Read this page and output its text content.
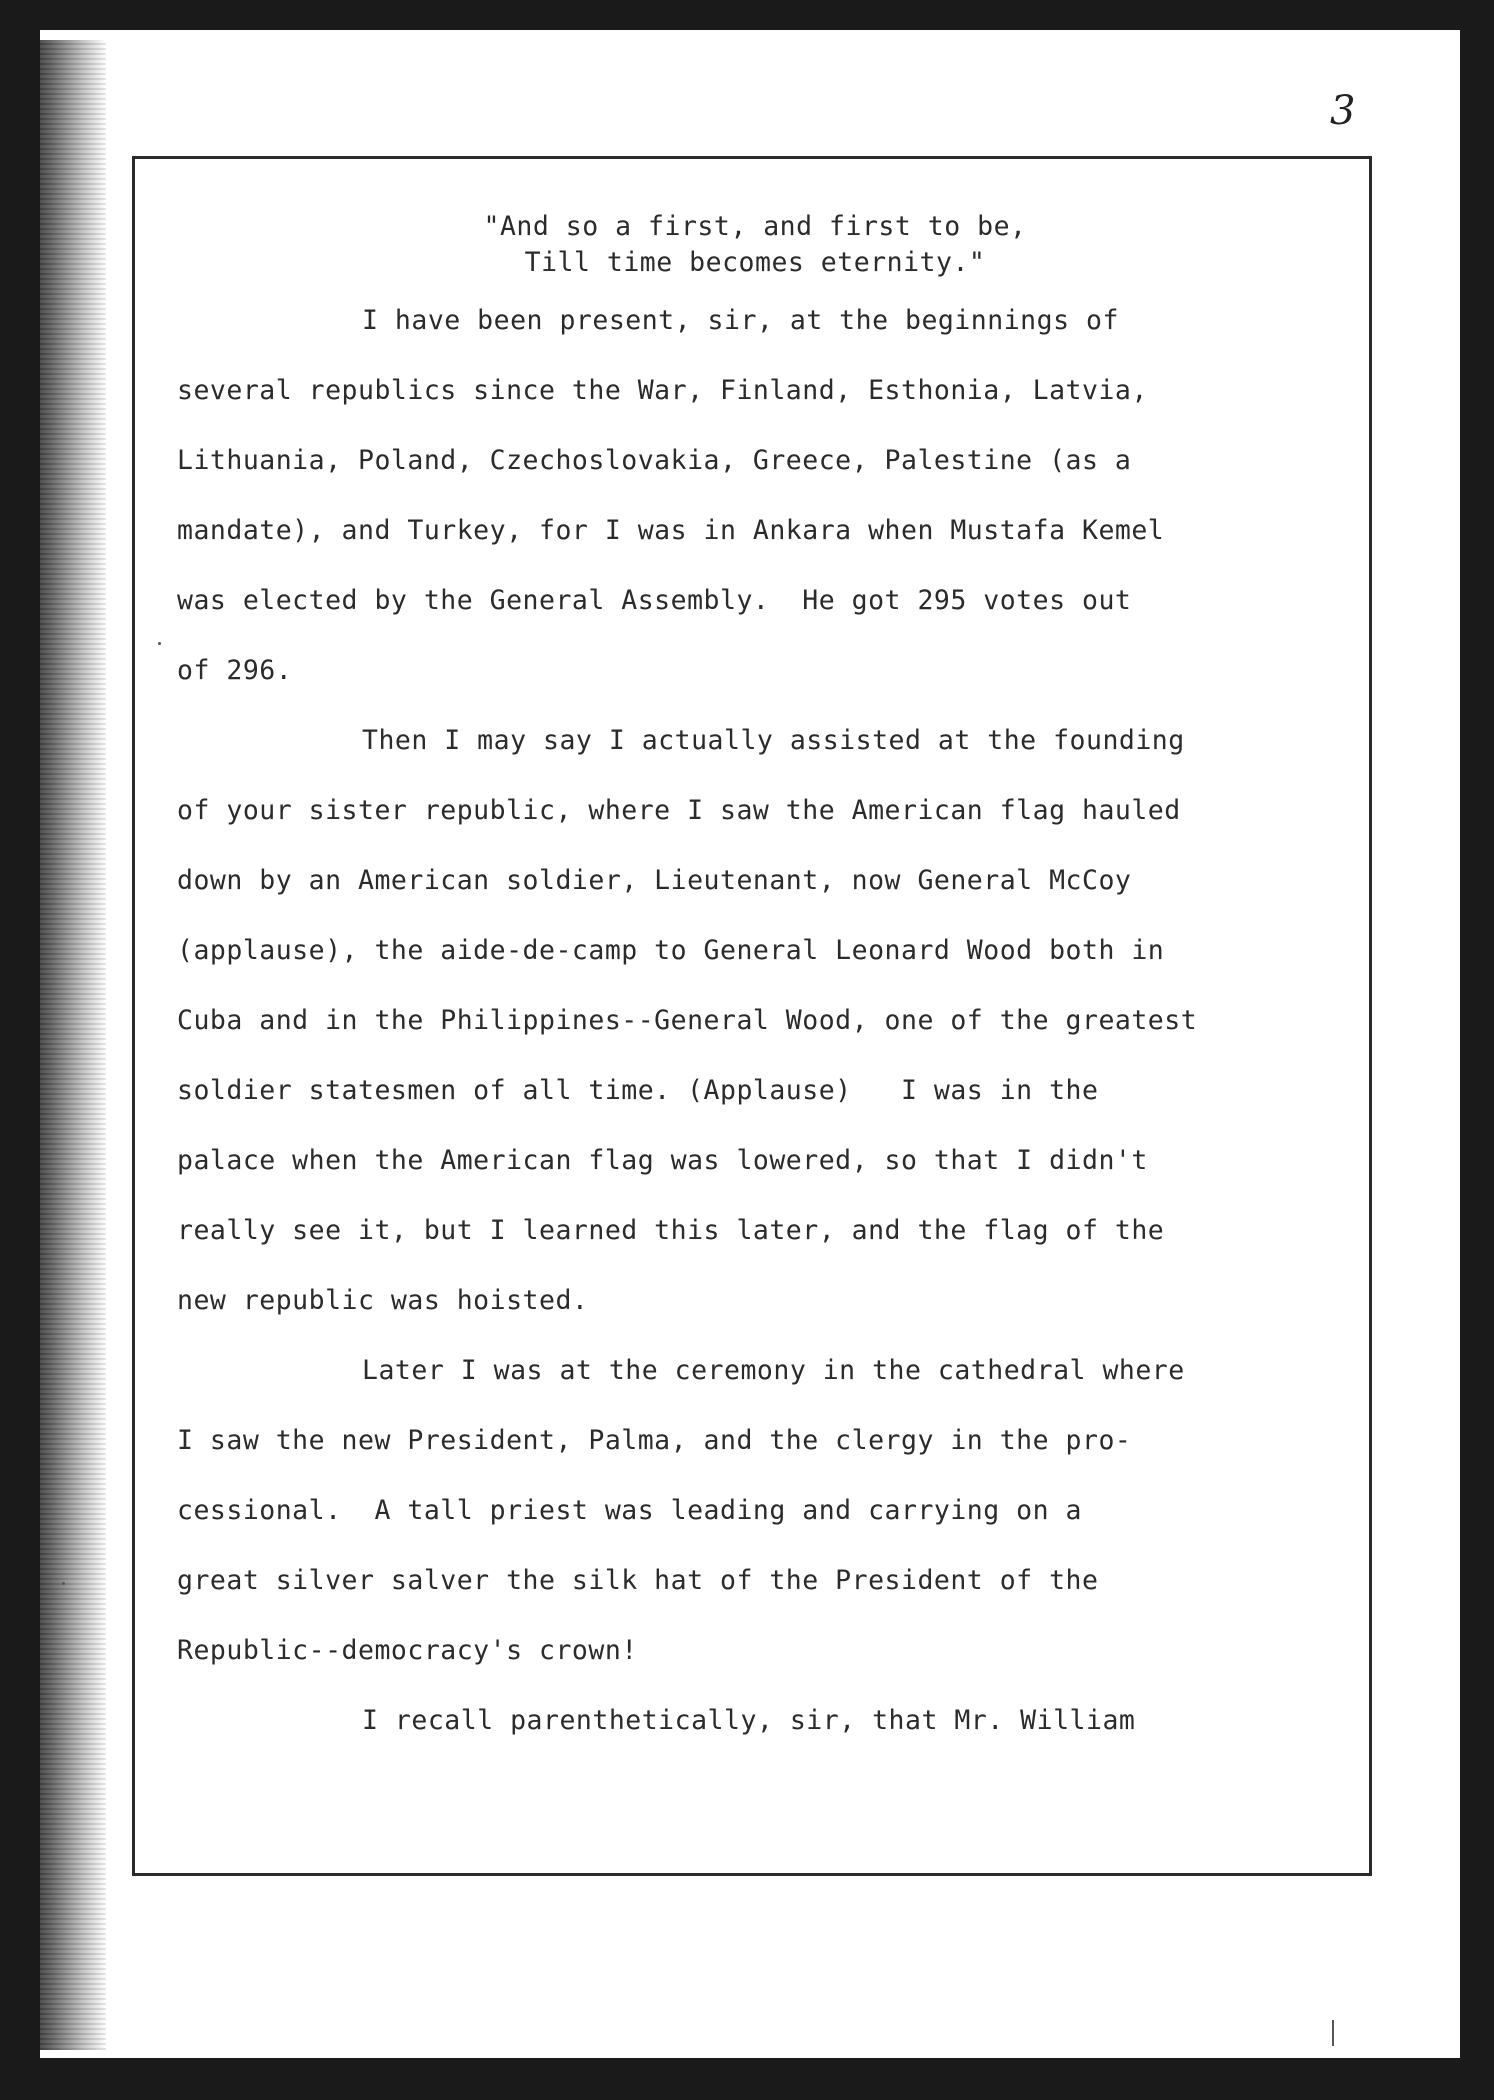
3
"And so a first, and first to be,
Till time becomes eternity."
I have been present, sir, at the beginnings of
several republics since the War, Finland, Esthonia, Latvia,
Lithuania, Poland, Czechoslovakia, Greece, Palestine (as a
mandate), and Turkey, for I was in Ankara when Mustafa Kemel
was elected by the General Assembly.  He got 295 votes out
of 296.
Then I may say I actually assisted at the founding
of your sister republic, where I saw the American flag hauled
down by an American soldier, Lieutenant, now General McCoy
(applause), the aide-de-camp to General Leonard Wood both in
Cuba and in the Philippines--General Wood, one of the greatest
soldier statesmen of all time. (Applause)   I was in the
palace when the American flag was lowered, so that I didn't
really see it, but I learned this later, and the flag of the
new republic was hoisted.
Later I was at the ceremony in the cathedral where
I saw the new President, Palma, and the clergy in the pro-
cessional.  A tall priest was leading and carrying on a
great silver salver the silk hat of the President of the
Republic--democracy's crown!
I recall parenthetically, sir, that Mr. William
